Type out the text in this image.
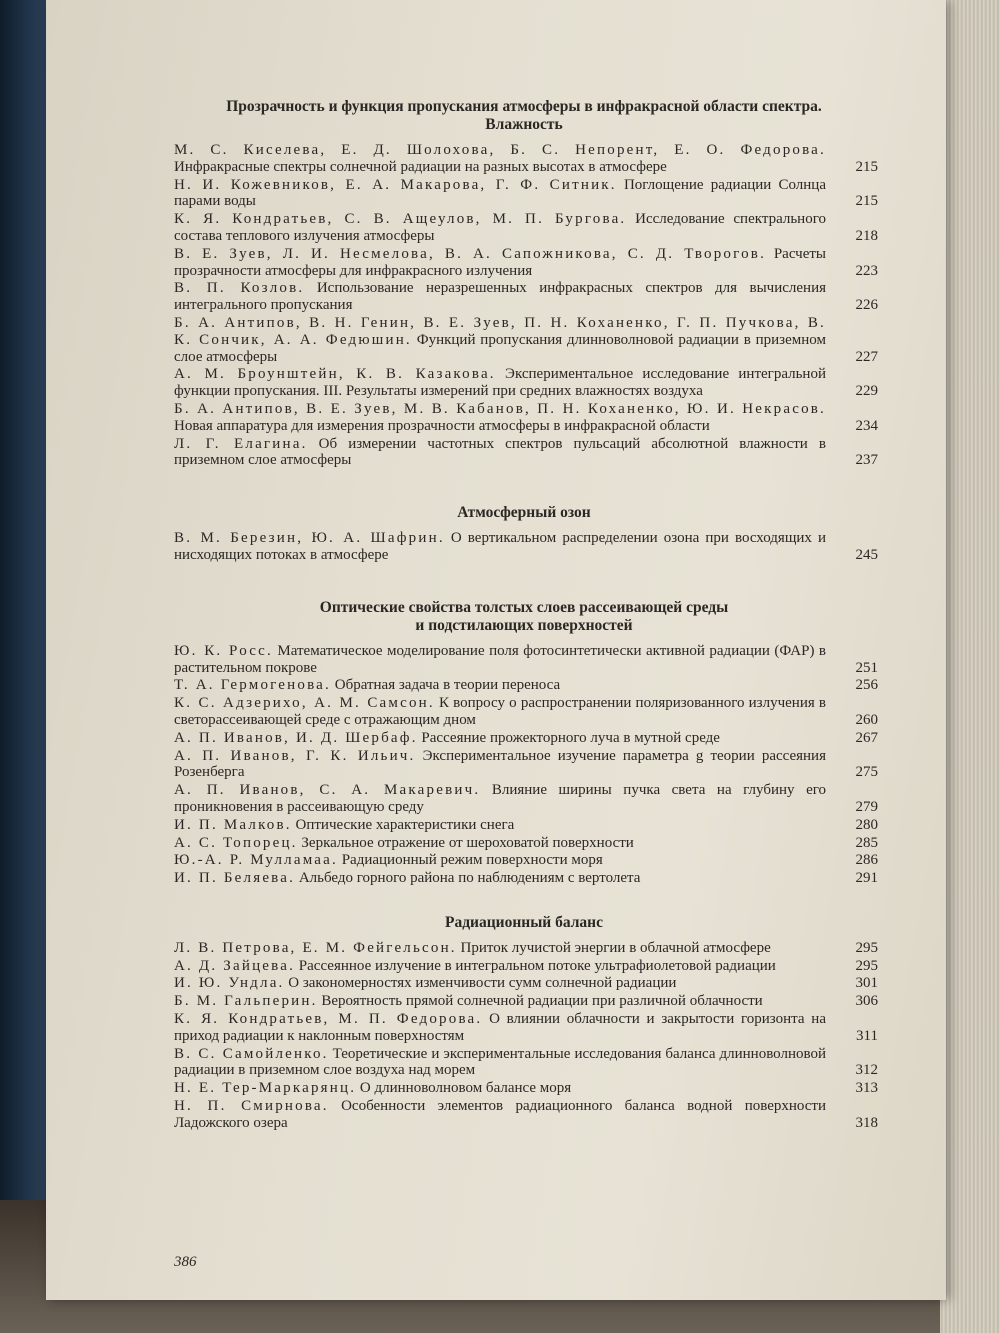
Прозрачность и функция пропускания атмосферы в инфракрасной области спектра.
Влажность
М. С. Киселева, Е. Д. Шолохова, Б. С. Непорент, Е. О. Федорова. Инфракрасные спектры солнечной радиации на разных высотах в атмосфере	215
Н. И. Кожевников, Е. А. Макарова, Г. Ф. Ситник. Поглощение радиации Солнца парами воды	215
К. Я. Кондратьев, С. В. Ащеулов, М. П. Бургова. Исследование спектрального состава теплового излучения атмосферы	218
В. Е. Зуев, Л. И. Несмелова, В. А. Сапожникова, С. Д. Творогов. Расчеты прозрачности атмосферы для инфракрасного излучения	223
В. П. Козлов. Использование неразрешенных инфракрасных спектров для вычисления интегрального пропускания	226
Б. А. Антипов, В. Н. Генин, В. Е. Зуев, П. Н. Коханенко, Г. П. Пучкова, В. К. Сончик, А. А. Федюшин. Функций пропускания длинноволновой радиации в приземном слое атмосферы	227
А. М. Броунштейн, К. В. Казакова. Экспериментальное исследование интегральной функции пропускания. III. Результаты измерений при средних влажностях воздуха	229
Б. А. Антипов, В. Е. Зуев, М. В. Кабанов, П. Н. Коханенко, Ю. И. Некрасов. Новая аппаратура для измерения прозрачности атмосферы в инфракрасной области	234
Л. Г. Елагина. Об измерении частотных спектров пульсаций абсолютной влажности в приземном слое атмосферы	237
Атмосферный озон
В. М. Березин, Ю. А. Шафрин. О вертикальном распределении озона при восходящих и нисходящих потоках в атмосфере	245
Оптические свойства толстых слоев рассеивающей среды
и подстилающих поверхностей
Ю. К. Росс. Математическое моделирование поля фотосинтетически активной радиации (ФАР) в растительном покрове	251
Т. А. Гермогенова. Обратная задача в теории переноса	256
К. С. Адзерихо, А. М. Самсон. К вопросу о распространении поляризованного излучения в светорассеивающей среде с отражающим дном	260
А. П. Иванов, И. Д. Шербаф. Рассеяние прожекторного луча в мутной среде	267
А. П. Иванов, Г. К. Ильич. Экспериментальное изучение параметра g теории рассеяния Розенберга	275
А. П. Иванов, С. А. Макаревич. Влияние ширины пучка света на глубину его проникновения в рассеивающую среду	279
И. П. Малков. Оптические характеристики снега	280
А. С. Топорец. Зеркальное отражение от шероховатой поверхности	285
Ю.-А. Р. Мулламаа. Радиационный режим поверхности моря	286
И. П. Беляева. Альбедо горного района по наблюдениям с вертолета	291
Радиационный баланс
Л. В. Петрова, Е. М. Фейгельсон. Приток лучистой энергии в облачной атмосфере	295
А. Д. Зайцева. Рассеянное излучение в интегральном потоке ультрафиолетовой радиации	295
И. Ю. Ундла. О закономерностях изменчивости сумм солнечной радиации	301
Б. М. Гальперин. Вероятность прямой солнечной радиации при различной облачности	306
К. Я. Кондратьев, М. П. Федорова. О влиянии облачности и закрытости горизонта на приход радиации к наклонным поверхностям	311
В. С. Самойленко. Теоретические и экспериментальные исследования баланса длинноволновой радиации в приземном слое воздуха над морем	312
Н. Е. Тер-Маркарянц. О длинноволновом балансе моря	313
Н. П. Смирнова. Особенности элементов радиационного баланса водной поверхности Ладожского озера	318
386
